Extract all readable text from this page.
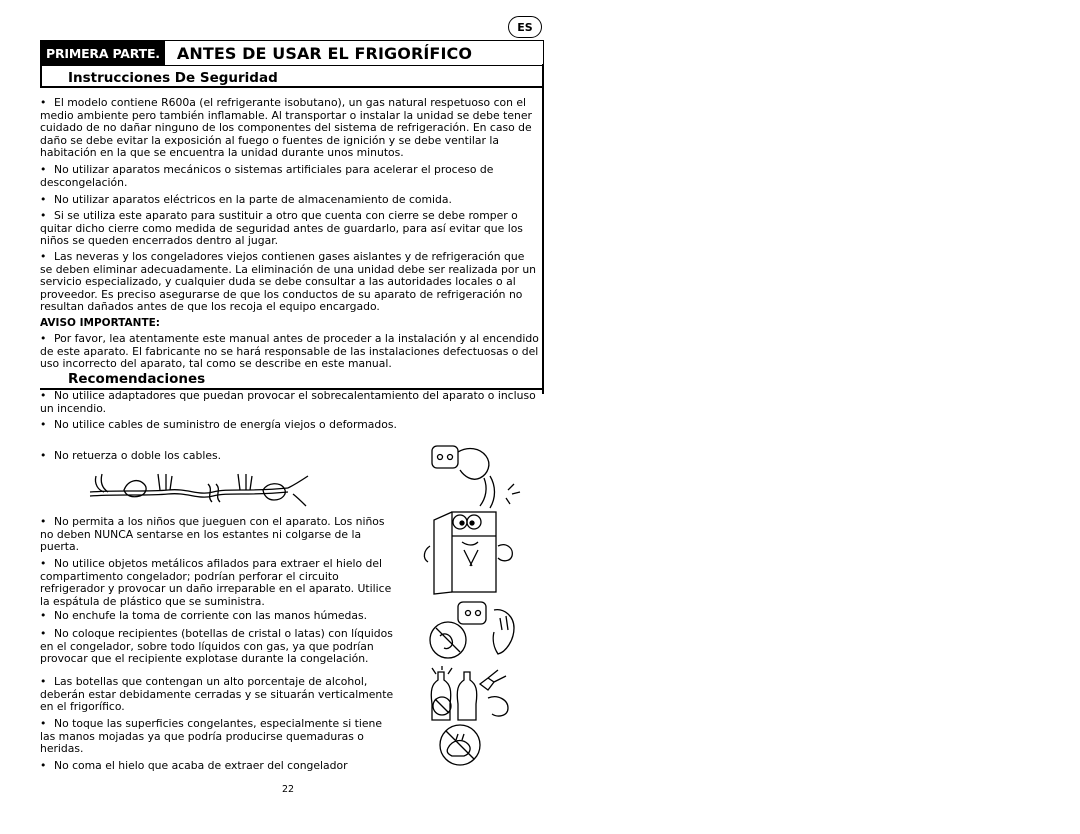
ES
PRIMERA PARTE.	ANTES DE USAR EL FRIGORÍFICO
Instrucciones De Seguridad

• El modelo contiene R600a (el refrigerante isobutano), un gas natural respetuoso con el medio ambiente pero también inflamable. Al transportar o instalar la unidad se debe tener cuidado de no dañar ninguno de los componentes del sistema de refrigeración. En caso de daño se debe evitar la exposición al fuego o fuentes de ignición y se debe ventilar la habitación en la que se encuentra la unidad durante unos minutos.

• No utilizar aparatos mecánicos o sistemas artificiales para acelerar el proceso de descongelación.

• No utilizar aparatos eléctricos en la parte de almacenamiento de comida.

• Si se utiliza este aparato para sustituir a otro que cuenta con cierre se debe romper o quitar dicho cierre como medida de seguridad antes de guardarlo, para así evitar que los niños se queden encerrados dentro al jugar.

• Las neveras y los congeladores viejos contienen gases aislantes y de refrigeración que se deben eliminar adecuadamente. La eliminación de una unidad debe ser realizada por un servicio especializado, y cualquier duda se debe consultar a las autoridades locales o al proveedor. Es preciso asegurarse de que los conductos de su aparato de refrigeración no resultan dañados antes de que los recoja el equipo encargado.

AVISO IMPORTANTE:

• Por favor, lea atentamente este manual antes de proceder a la instalación y al encendido de este aparato. El fabricante no se hará responsable de las instalaciones defectuosas o del uso incorrecto del aparato, tal como se describe en este manual.

Recomendaciones

• No utilice adaptadores que puedan provocar el sobrecalentamiento del aparato o incluso un incendio.

• No utilice cables de suministro de energía viejos o deformados.

• No retuerza o doble los cables.

• No permita a los niños que jueguen con el aparato. Los niños no deben NUNCA sentarse en los estantes ni colgarse de la puerta.

• No utilice objetos metálicos afilados para extraer el hielo del compartimento congelador; podrían perforar el circuito refrigerador y provocar un daño irreparable en el aparato. Utilice la espátula de plástico que se suministra.

• No enchufe la toma de corriente con las manos húmedas.

• No coloque recipientes (botellas de cristal o latas) con líquidos en el congelador, sobre todo líquidos con gas, ya que podrían provocar que el recipiente explotase durante la congelación.

• Las botellas que contengan un alto porcentaje de alcohol, deberán estar debidamente cerradas y se situarán verticalmente en el frigorífico.

• No toque las superficies congelantes, especialmente si tiene las manos mojadas ya que podría producirse quemaduras o heridas.

• No coma el hielo que acaba de extraer del congelador

22
